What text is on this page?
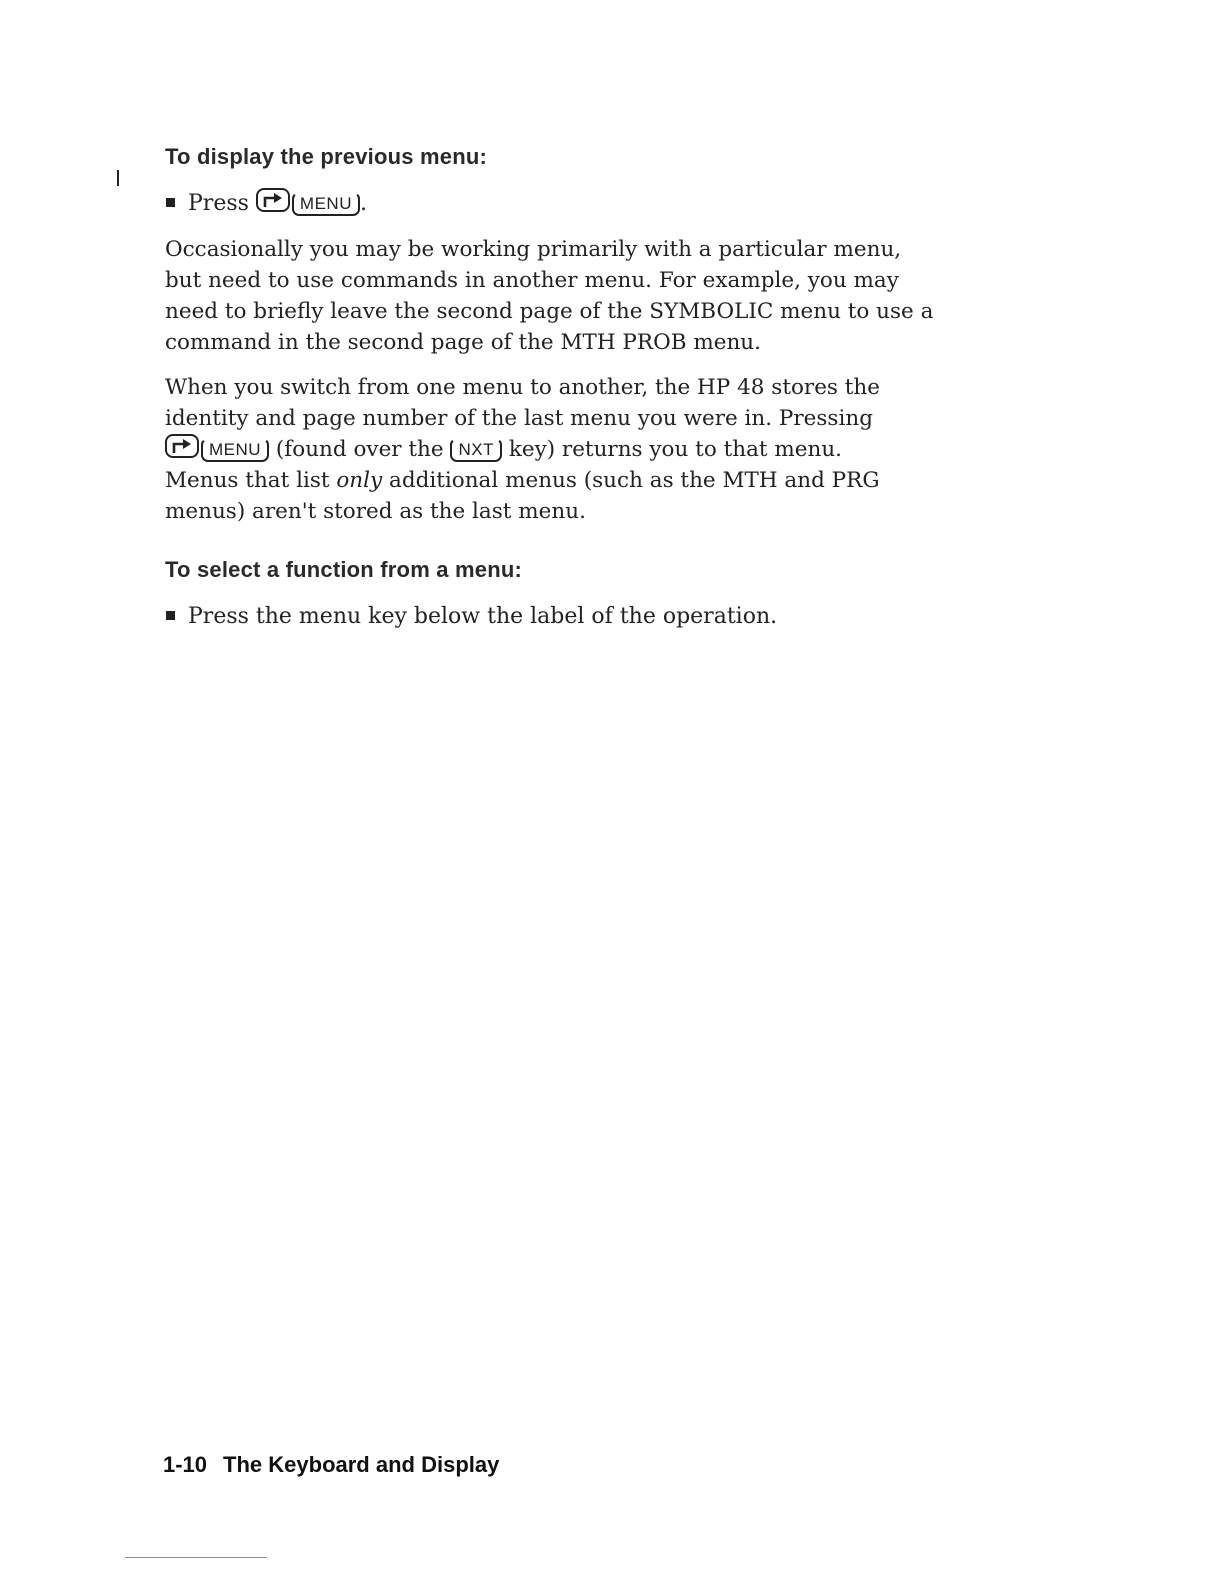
To display the previous menu:
Press	MENU .

Occasionally you may be working primarily with a particular menu,
but need to use commands in another menu. For example, you may
need to briefly leave the second page of the SYMBOLIC menu to use a
command in the second page of the MTH PROB menu.

When you switch from one menu to another, the HP 48 stores the
identity and page number of the last menu you were in. Pressing
MENU (found over the NXT key) returns you to that menu.
Menus that list only additional menus (such as the MTH and PRG
menus) aren't stored as the last menu.

To select a function from a menu:
Press the menu key below the label of the operation.
1-10 The Keyboard and Display
